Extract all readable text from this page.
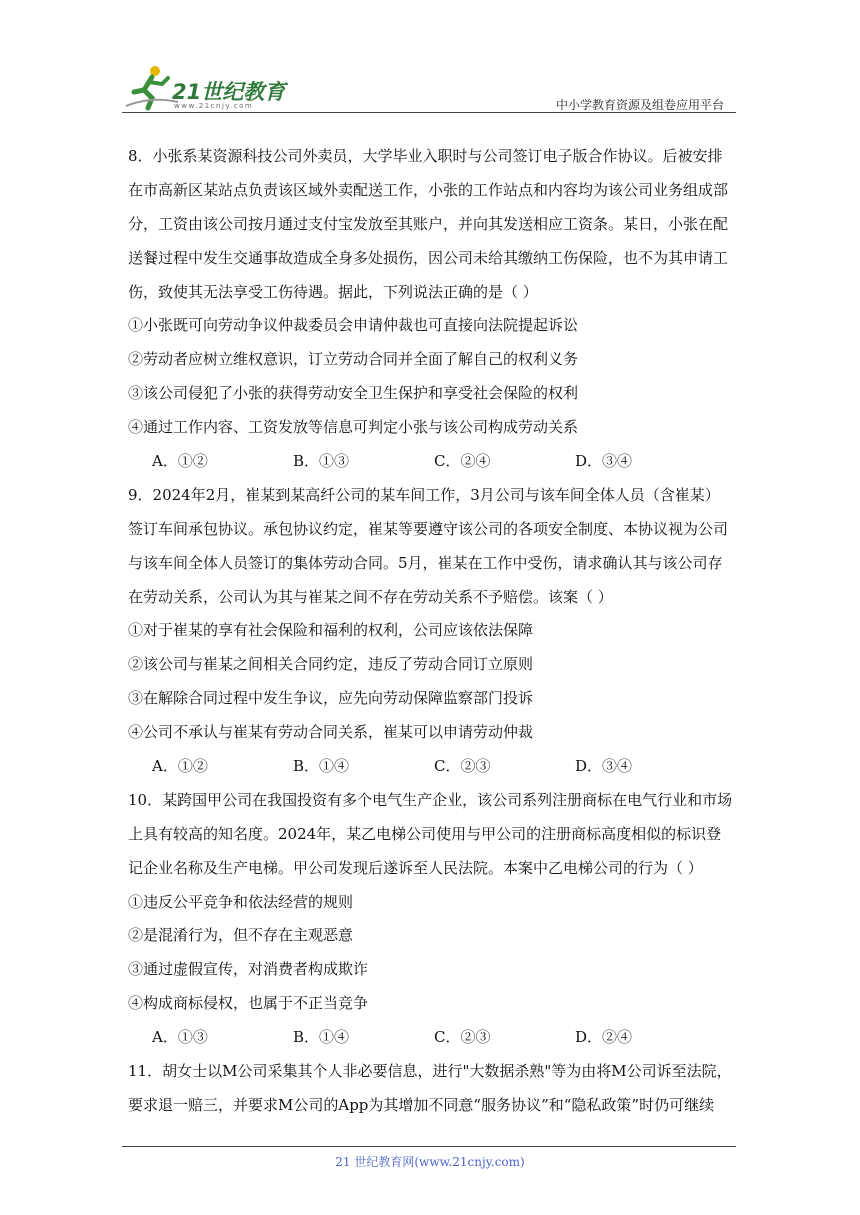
21世纪教育
www.21cnjy.com	中小学教育资源及组卷应用平台
8．小张系某资源科技公司外卖员，大学毕业入职时与公司签订电子版合作协议。后被安排
在市高新区某站点负责该区域外卖配送工作，小张的工作站点和内容均为该公司业务组成部
分，工资由该公司按月通过支付宝发放至其账户，并向其发送相应工资条。某日，小张在配
送餐过程中发生交通事故造成全身多处损伤，因公司未给其缴纳工伤保险，也不为其申请工
伤，致使其无法享受工伤待遇。据此，下列说法正确的是（ ）
①小张既可向劳动争议仲裁委员会申请仲裁也可直接向法院提起诉讼
②劳动者应树立维权意识，订立劳动合同并全面了解自己的权利义务
③该公司侵犯了小张的获得劳动安全卫生保护和享受社会保险的权利
④通过工作内容、工资发放等信息可判定小张与该公司构成劳动关系
A．①②	B．①③	C．②④	D．③④
9．2024年2月，崔某到某高纤公司的某车间工作，3月公司与该车间全体人员（含崔某）
签订车间承包协议。承包协议约定，崔某等要遵守该公司的各项安全制度、本协议视为公司
与该车间全体人员签订的集体劳动合同。5月，崔某在工作中受伤，请求确认其与该公司存
在劳动关系，公司认为其与崔某之间不存在劳动关系不予赔偿。该案（ ）
①对于崔某的享有社会保险和福利的权利，公司应该依法保障
②该公司与崔某之间相关合同约定，违反了劳动合同订立原则
③在解除合同过程中发生争议，应先向劳动保障监察部门投诉
④公司不承认与崔某有劳动合同关系，崔某可以申请劳动仲裁
A．①②	B．①④	C．②③	D．③④
10．某跨国甲公司在我国投资有多个电气生产企业，该公司系列注册商标在电气行业和市场
上具有较高的知名度。2024年，某乙电梯公司使用与甲公司的注册商标高度相似的标识登
记企业名称及生产电梯。甲公司发现后遂诉至人民法院。本案中乙电梯公司的行为（ ）
①违反公平竞争和依法经营的规则
②是混淆行为，但不存在主观恶意
③通过虚假宣传，对消费者构成欺诈
④构成商标侵权，也属于不正当竞争
A．①③	B．①④	C．②③	D．②④
11．胡女士以M公司采集其个人非必要信息，进行"大数据杀熟"等为由将M公司诉至法院，
要求退一赔三，并要求M公司的App为其增加不同意“服务协议”和“隐私政策”时仍可继续
21 世纪教育网(www.21cnjy.com)
